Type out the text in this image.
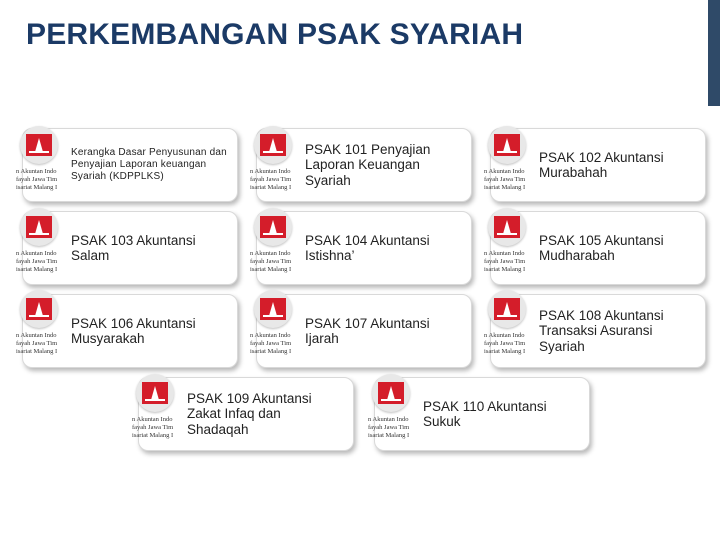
PERKEMBANGAN PSAK SYARIAH
Kerangka Dasar Penyusunan dan Penyajian Laporan keuangan Syariah (KDPPLKS)
PSAK 101 Penyajian Laporan Keuangan Syariah
PSAK 102 Akuntansi Murabahah
PSAK 103 Akuntansi Salam
PSAK 104 Akuntansi Istishna’
PSAK 105 Akuntansi Mudharabah
PSAK 106 Akuntansi Musyarakah
PSAK 107 Akuntansi Ijarah
PSAK 108 Akuntansi Transaksi Asuransi Syariah
PSAK 109 Akuntansi Zakat Infaq dan Shadaqah
PSAK 110 Akuntansi Sukuk
n Akuntan Indo
fayah Jawa Tim
isariat Malang I
n Akuntan Indo
fayah Jawa Tim
isariat Malang I
n Akuntan Indo
fayah Jawa Tim
isariat Malang I
n Akuntan Indo
fayah Jawa Tim
isariat Malang I
n Akuntan Indo
fayah Jawa Tim
isariat Malang I
n Akuntan Indo
fayah Jawa Tim
isariat Malang I
n Akuntan Indo
fayah Jawa Tim
isariat Malang I
n Akuntan Indo
fayah Jawa Tim
isariat Malang I
n Akuntan Indo
fayah Jawa Tim
isariat Malang I
n Akuntan Indo
fayah Jawa Tim
isariat Malang I
n Akuntan Indo
fayah Jawa Tim
isariat Malang I
